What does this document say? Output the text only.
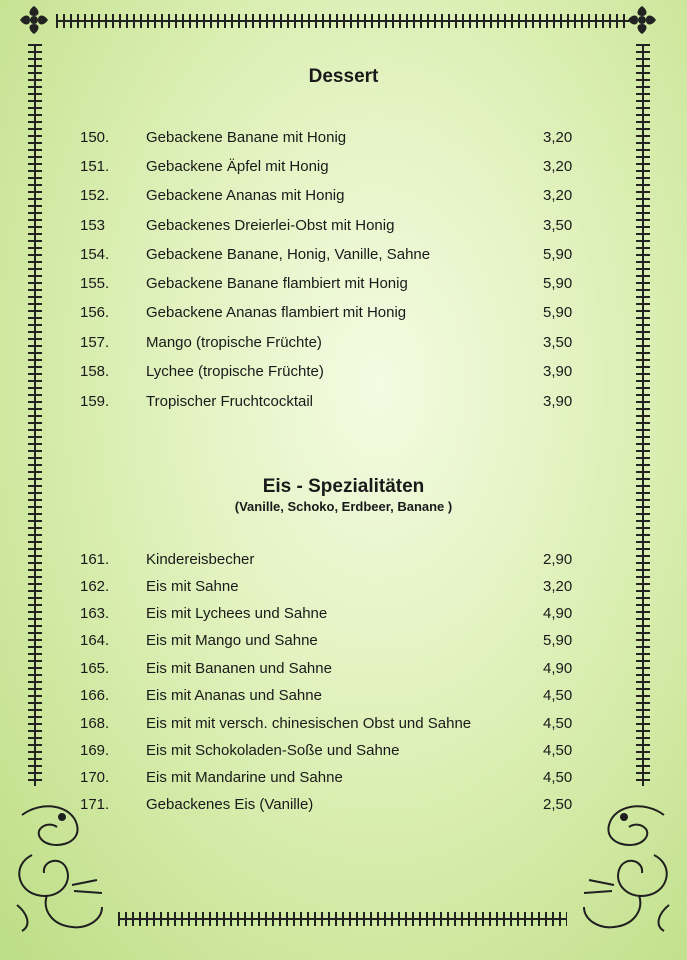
Dessert
150. Gebackene Banane mit Honig	3,20
151. Gebackene Äpfel mit Honig	3,20
152. Gebackene Ananas mit Honig	3,20
153	Gebackenes Dreierlei-Obst mit Honig	3,50
154. Gebackene Banane, Honig, Vanille, Sahne	5,90
155. Gebackene Banane flambiert mit Honig	5,90
156. Gebackene Ananas flambiert mit Honig	5,90
157. Mango (tropische Früchte)	3,50
158. Lychee (tropische Früchte)	3,90
159. Tropischer Fruchtcocktail	3,90
Eis - Spezialitäten
(Vanille, Schoko, Erdbeer, Banane )
161. Kindereisbecher	2,90
162. Eis mit Sahne	3,20
163. Eis mit Lychees und Sahne	4,90
164. Eis mit Mango und Sahne	5,90
165. Eis mit Bananen und Sahne	4,90
166. Eis mit Ananas und Sahne	4,50
168. Eis mit mit versch. chinesischen Obst und Sahne	4,50
169. Eis mit Schokoladen-Soße und Sahne	4,50
170. Eis mit Mandarine und Sahne	4,50
171. Gebackenes Eis (Vanille)	2,50
